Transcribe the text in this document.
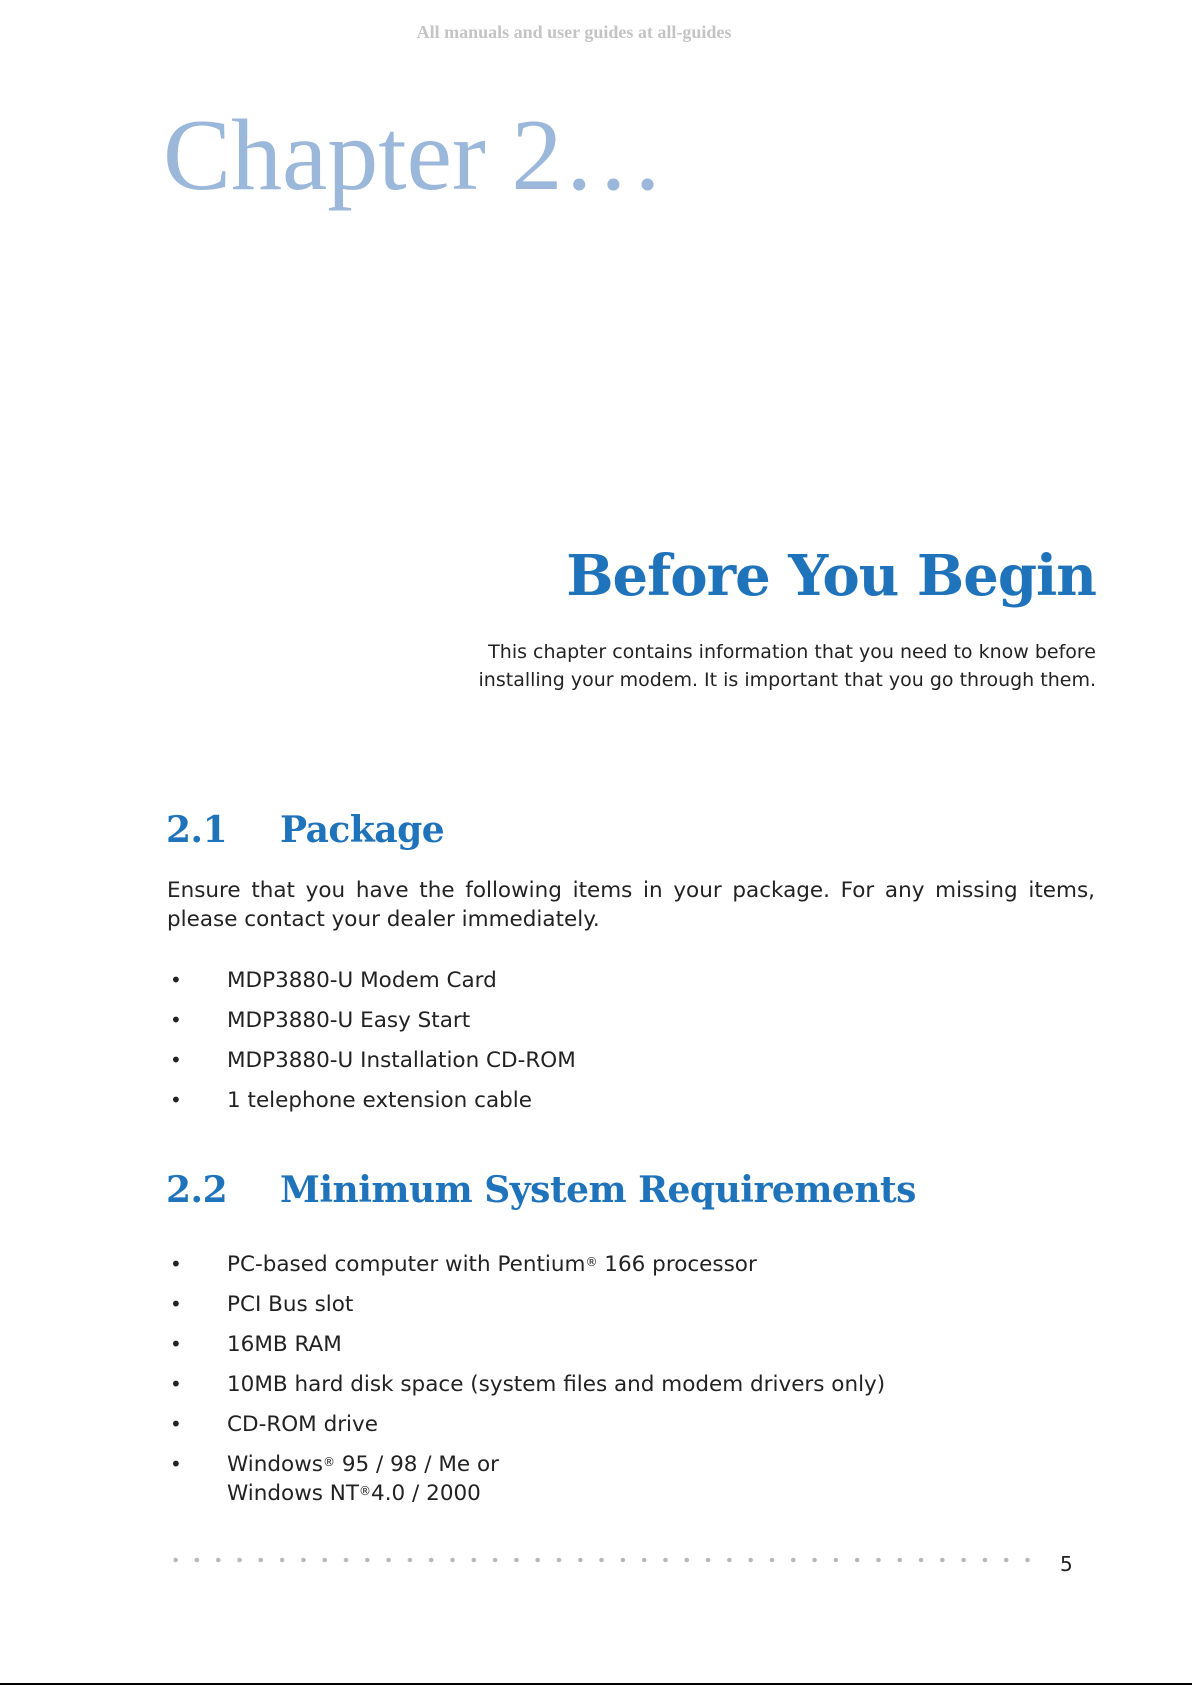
All manuals and user guides at all-guides
Chapter 2…
Before You Begin
This chapter contains information that you need to know before
installing your modem. It is important that you go through them.
2.1 Package
Ensure that you have the following items in your package. For any missing items, please contact your dealer immediately.
• MDP3880-U Modem Card
• MDP3880-U Easy Start
• MDP3880-U Installation CD-ROM
• 1 telephone extension cable
2.2 Minimum System Requirements
• PC-based computer with Pentium® 166 processor
• PCI Bus slot
• 16MB RAM
• 10MB hard disk space (system files and modem drivers only)
• CD-ROM drive
• Windows® 95 / 98 / Me or
Windows NT®4.0 / 2000
5
